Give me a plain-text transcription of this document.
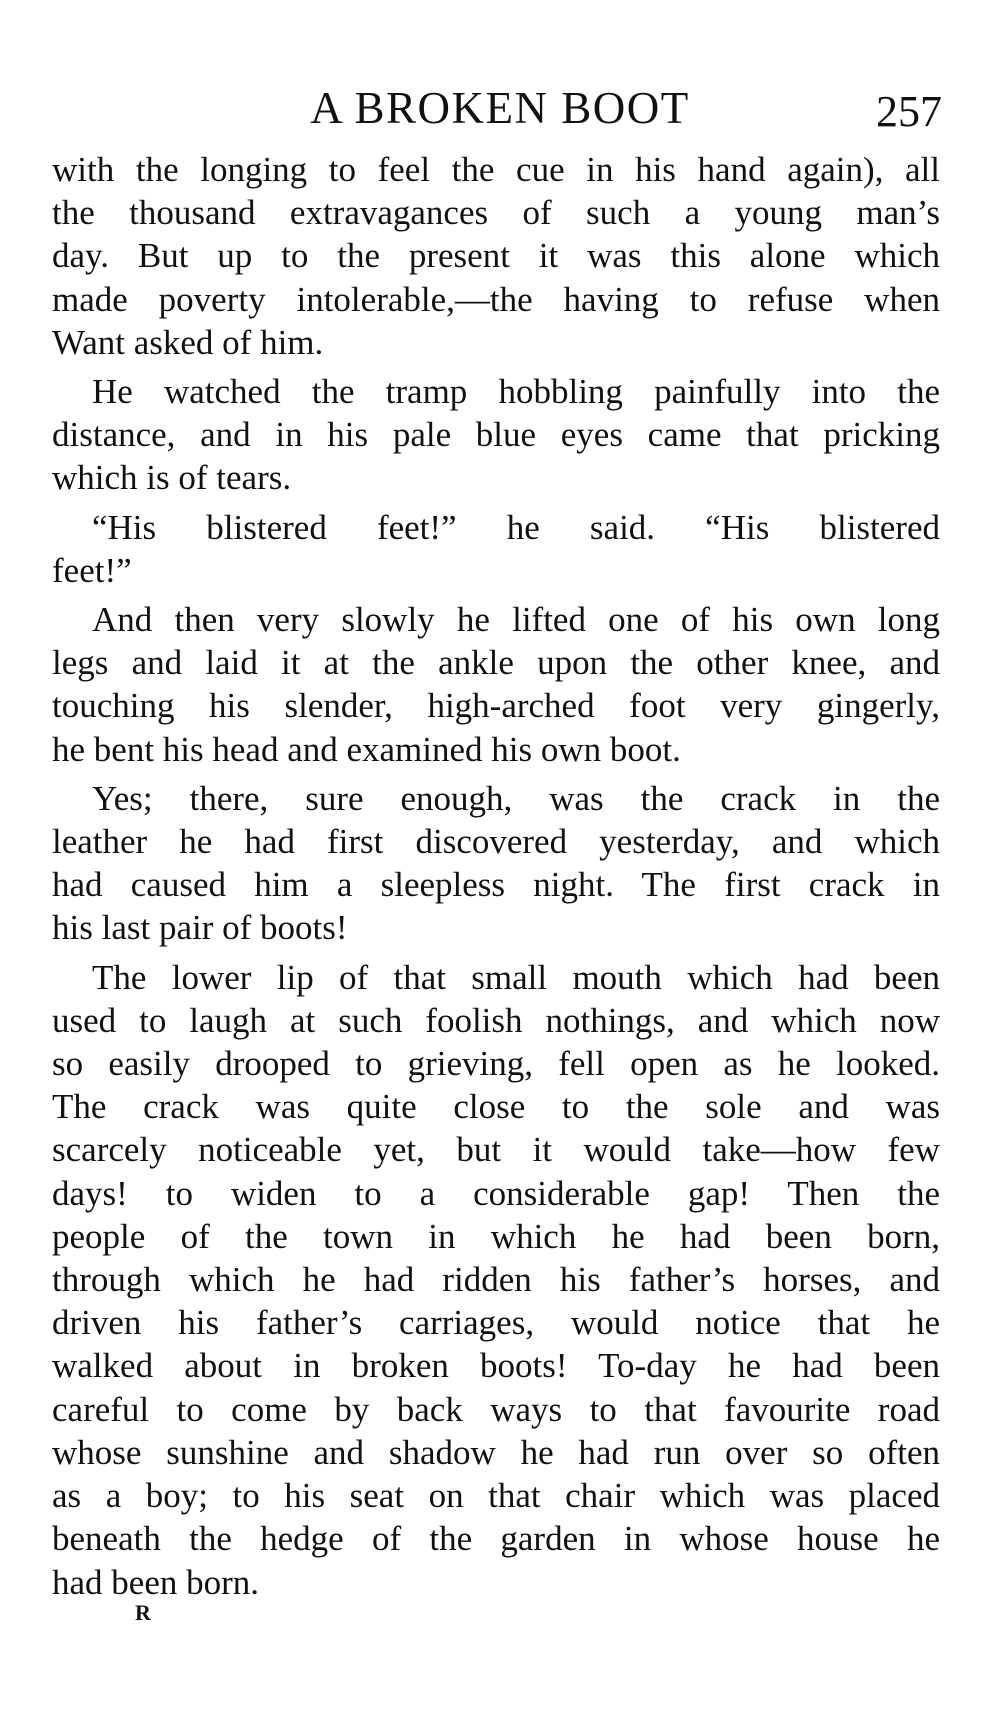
A BROKEN BOOT	257
with the longing to feel the cue in his hand again), all
the thousand extravagances of such a young man’s
day. But up to the present it was this alone which
made poverty intolerable,—the having to refuse when
Want asked of him.
He watched the tramp hobbling painfully into the
distance, and in his pale blue eyes came that pricking
which is of tears.
“His blistered feet!” he said. “His blistered
feet!”
And then very slowly he lifted one of his own long
legs and laid it at the ankle upon the other knee, and
touching his slender, high-arched foot very gingerly,
he bent his head and examined his own boot.
Yes; there, sure enough, was the crack in the
leather he had first discovered yesterday, and which
had caused him a sleepless night. The first crack in
his last pair of boots!
The lower lip of that small mouth which had been
used to laugh at such foolish nothings, and which now
so easily drooped to grieving, fell open as he looked.
The crack was quite close to the sole and was
scarcely noticeable yet, but it would take—how few
days! to widen to a considerable gap! Then the
people of the town in which he had been born,
through which he had ridden his father’s horses, and
driven his father’s carriages, would notice that he
walked about in broken boots! To-day he had been
careful to come by back ways to that favourite road
whose sunshine and shadow he had run over so often
as a boy; to his seat on that chair which was placed
beneath the hedge of the garden in whose house he
had been born.
R
